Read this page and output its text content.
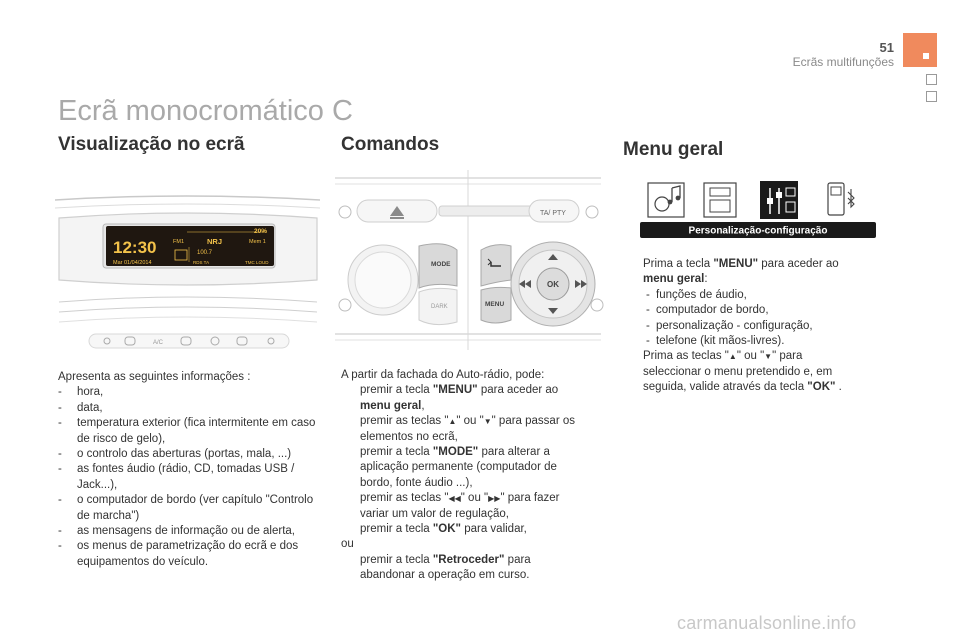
51
Ecrãs multifunções
Ecrã monocromático C
Visualização no ecrã
12:30
Mar 01/04/2014
FM1	NRJ	Mem 1
20%
100.7
RDS TA	TMC LOUD
A/C
Apresenta as seguintes informações :
- hora,
- data,
- temperatura exterior (fica intermitente em caso de risco de gelo),
- o controlo das aberturas (portas, mala, ...)
- as fontes áudio (rádio, CD, tomadas USB / Jack...),
- o computador de bordo (ver capítulo "Controlo de marcha")
- as mensagens de informação ou de alerta,
- os menus de parametrização do ecrã e dos equipamentos do veículo.
Comandos
TA/ PTY
MODE
DARK	MENU
OK
A partir da fachada do Auto-rádio, pode:
premir a tecla "MENU" para aceder ao
menu geral,
premir as teclas "▲" ou "▼" para passar os
elementos no ecrã,
premir a tecla "MODE" para alterar a
aplicação permanente (computador de
bordo, fonte áudio ...),
premir as teclas "◀◀" ou "▶▶" para fazer
variar um valor de regulação,
premir a tecla "OK" para validar,
ou
premir a tecla "Retroceder" para
abandonar a operação em curso.
Menu geral
Personalização-configuração
Prima a tecla "MENU" para aceder ao
menu geral:
- funções de áudio,
- computador de bordo,
- personalização - configuração,
- telefone (kit mãos-livres).
Prima as teclas "▲" ou "▼" para
seleccionar o menu pretendido e, em
seguida, valide através da tecla "OK" .
carmanualsonline.info
